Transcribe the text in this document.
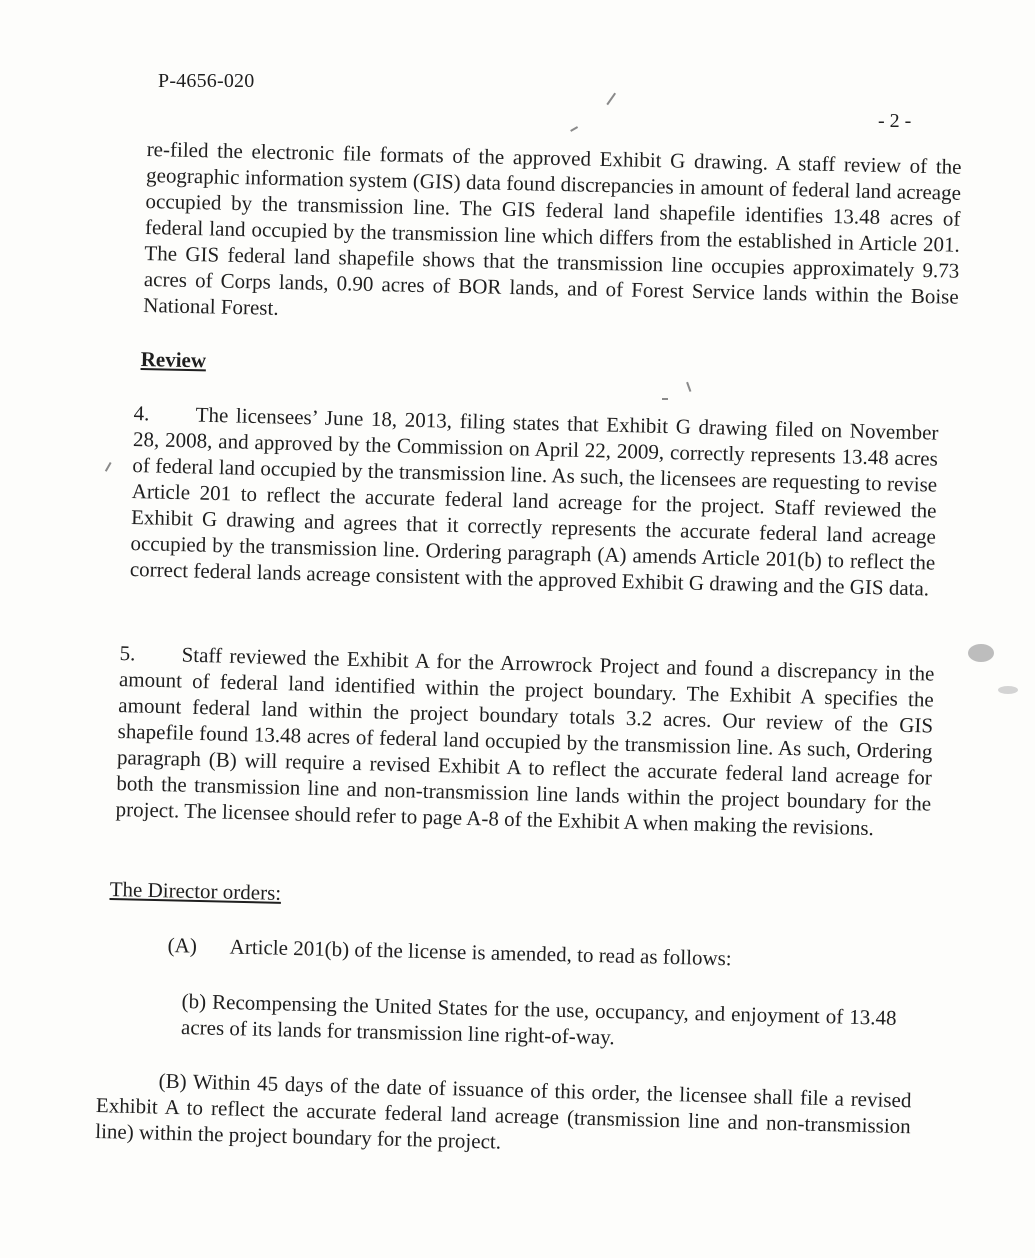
P-4656-020
- 2 -
re-filed the electronic file formats of the approved Exhibit G drawing. A staff review of the geographic information system (GIS) data found discrepancies in amount of federal land acreage occupied by the transmission line. The GIS federal land shapefile identifies 13.48 acres of federal land occupied by the transmission line which differs from the established in Article 201. The GIS federal land shapefile shows that the transmission line occupies approximately 9.73 acres of Corps lands, 0.90 acres of BOR lands, and of Forest Service lands within the Boise National Forest.
Review
4. The licensees’ June 18, 2013, filing states that Exhibit G drawing filed on November 28, 2008, and approved by the Commission on April 22, 2009, correctly represents 13.48 acres of federal land occupied by the transmission line. As such, the licensees are requesting to revise Article 201 to reflect the accurate federal land acreage for the project. Staff reviewed the Exhibit G drawing and agrees that it correctly represents the accurate federal land acreage occupied by the transmission line. Ordering paragraph (A) amends Article 201(b) to reflect the correct federal lands acreage consistent with the approved Exhibit G drawing and the GIS data.
5. Staff reviewed the Exhibit A for the Arrowrock Project and found a discrepancy in the amount of federal land identified within the project boundary. The Exhibit A specifies the amount federal land within the project boundary totals 3.2 acres. Our review of the GIS shapefile found 13.48 acres of federal land occupied by the transmission line. As such, Ordering paragraph (B) will require a revised Exhibit A to reflect the accurate federal land acreage for both the transmission line and non-transmission line lands within the project boundary for the project. The licensee should refer to page A-8 of the Exhibit A when making the revisions.
The Director orders:
(A) Article 201(b) of the license is amended, to read as follows:
(b) Recompensing the United States for the use, occupancy, and enjoyment of 13.48 acres of its lands for transmission line right-of-way.
(B) Within 45 days of the date of issuance of this order, the licensee shall file a revised Exhibit A to reflect the accurate federal land acreage (transmission line and non-transmission line) within the project boundary for the project.
